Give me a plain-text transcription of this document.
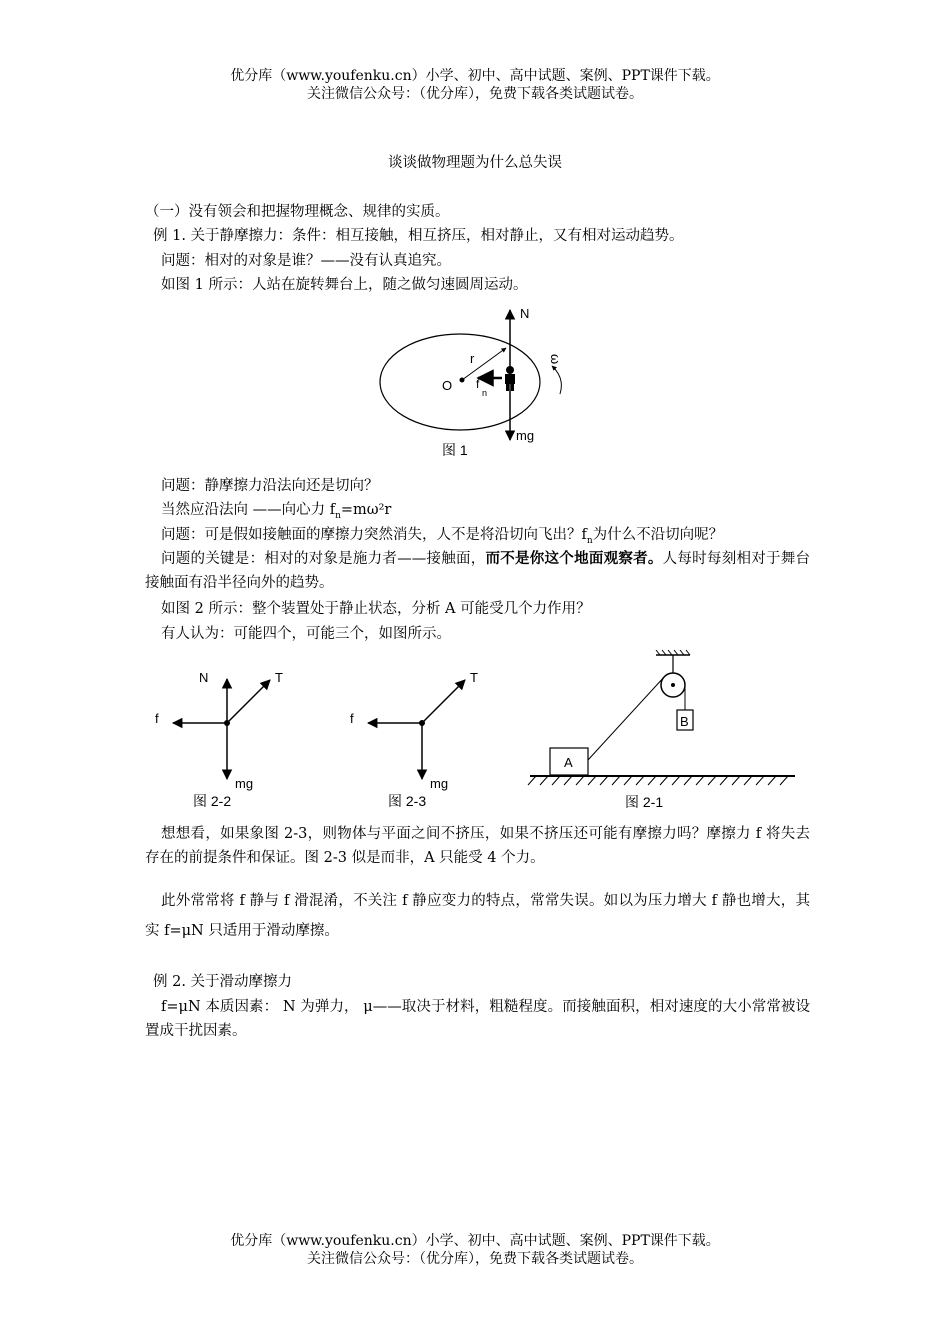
优分库（www.youfenku.cn）小学、初中、高中试题、案例、PPT课件下载。
关注微信公众号：（优分库），免费下载各类试题试卷。
谈谈做物理题为什么总失误
（一）没有领会和把握物理概念、规律的实质。
例 1. 关于静摩擦力：条件：相互接触，相互挤压，相对静止，又有相对运动趋势。
问题：相对的对象是谁？——没有认真追究。
如图 1 所示：人站在旋转舞台上，随之做匀速圆周运动。
N
r
O f
n
mg
ω
图 1
问题：静摩擦力沿法向还是切向？
当然应沿法向 ——向心力 $f_n=m\omega^2r$
问题：可是假如接触面的摩擦力突然消失，人不是将沿切向飞出？$f_n$为什么不沿切向呢？
问题的关键是：相对的对象是施力者——接触面，而不是你这个地面观察者。人每时每刻相对于舞台接触面有沿半径向外的趋势。
如图 2 所示：整个装置处于静止状态，分析 A 可能受几个力作用？
有人认为：可能四个，可能三个，如图所示。
N	T
f
mg
图 2-2
T
f
mg
图 2-3
B
A
图 2-1
想想看，如果象图 2-3，则物体与平面之间不挤压，如果不挤压还可能有摩擦力吗？摩擦力 f 将失去存在的前提条件和保证。图 2-3 似是而非，A 只能受 4 个力。
此外常常将 f 静与 f 滑混淆，不关注 f 静应变力的特点，常常失误。如以为压力增大 f 静也增大，其实 f=μN 只适用于滑动摩擦。
例 2. 关于滑动摩擦力
f=μN 本质因素： N 为弹力， μ——取决于材料，粗糙程度。而接触面积，相对速度的大小常常被设置成干扰因素。
优分库（www.youfenku.cn）小学、初中、高中试题、案例、PPT课件下载。
关注微信公众号：（优分库），免费下载各类试题试卷。
